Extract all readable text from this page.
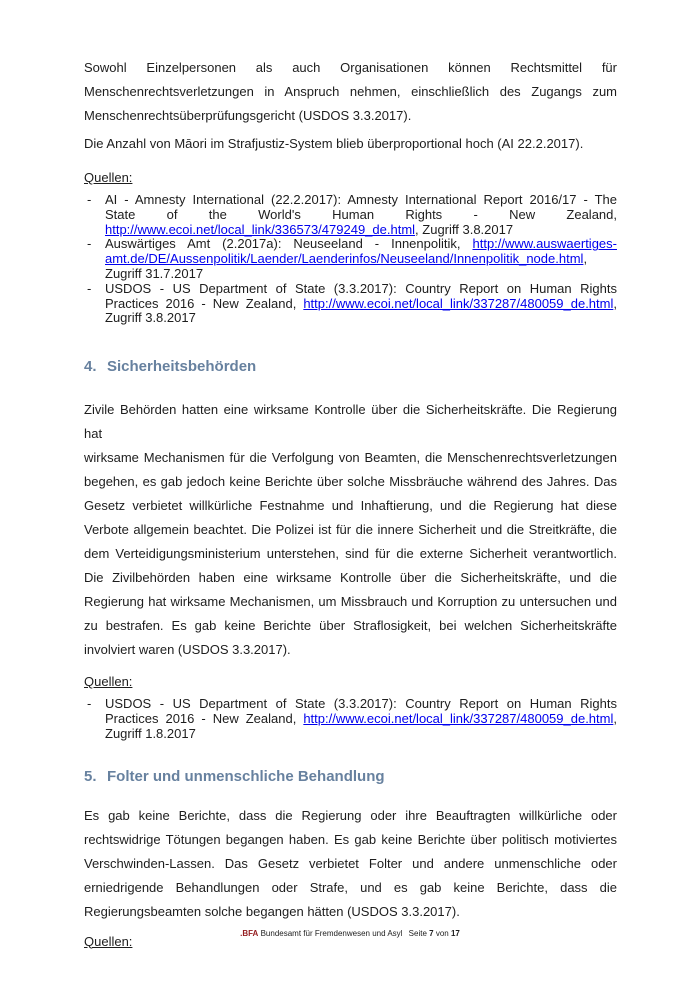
Sowohl Einzelpersonen als auch Organisationen können Rechtsmittel für
Menschenrechtsverletzungen in Anspruch nehmen, einschließlich des Zugangs zum
Menschenrechtsüberprüfungsgericht (USDOS 3.3.2017).
Die Anzahl von Māori im Strafjustiz-System blieb überproportional hoch (AI 22.2.2017).
Quellen:
- AI - Amnesty International (22.2.2017): Amnesty International Report 2016/17 - The State of the World's Human Rights - New Zealand, http://www.ecoi.net/local_link/336573/479249_de.html, Zugriff 3.8.2017
- Auswärtiges Amt (2.2017a): Neuseeland - Innenpolitik, http://www.auswaertiges-amt.de/DE/Aussenpolitik/Laender/Laenderinfos/Neuseeland/Innenpolitik_node.html, Zugriff 31.7.2017
- USDOS - US Department of State (3.3.2017): Country Report on Human Rights Practices 2016 - New Zealand, http://www.ecoi.net/local_link/337287/480059_de.html, Zugriff 3.8.2017
4. Sicherheitsbehörden
Zivile Behörden hatten eine wirksame Kontrolle über die Sicherheitskräfte. Die Regierung hat
wirksame Mechanismen für die Verfolgung von Beamten, die Menschenrechtsverletzungen
begehen, es gab jedoch keine Berichte über solche Missbräuche während des Jahres. Das
Gesetz verbietet willkürliche Festnahme und Inhaftierung, und die Regierung hat diese
Verbote allgemein beachtet. Die Polizei ist für die innere Sicherheit und die Streitkräfte, die
dem Verteidigungsministerium unterstehen, sind für die externe Sicherheit verantwortlich.
Die Zivilbehörden haben eine wirksame Kontrolle über die Sicherheitskräfte, und die
Regierung hat wirksame Mechanismen, um Missbrauch und Korruption zu untersuchen und
zu bestrafen. Es gab keine Berichte über Straflosigkeit, bei welchen Sicherheitskräfte
involviert waren (USDOS 3.3.2017).
Quellen:
- USDOS - US Department of State (3.3.2017): Country Report on Human Rights Practices 2016 - New Zealand, http://www.ecoi.net/local_link/337287/480059_de.html, Zugriff 1.8.2017
5. Folter und unmenschliche Behandlung
Es gab keine Berichte, dass die Regierung oder ihre Beauftragten willkürliche oder
rechtswidrige Tötungen begangen haben. Es gab keine Berichte über politisch motiviertes
Verschwinden-Lassen. Das Gesetz verbietet Folter und andere unmenschliche oder
erniedrigende Behandlungen oder Strafe, und es gab keine Berichte, dass die
Regierungsbeamten solche begangen hätten (USDOS 3.3.2017).
Quellen:
.BFA Bundesamt für Fremdenwesen und Asyl Seite 7 von 17
